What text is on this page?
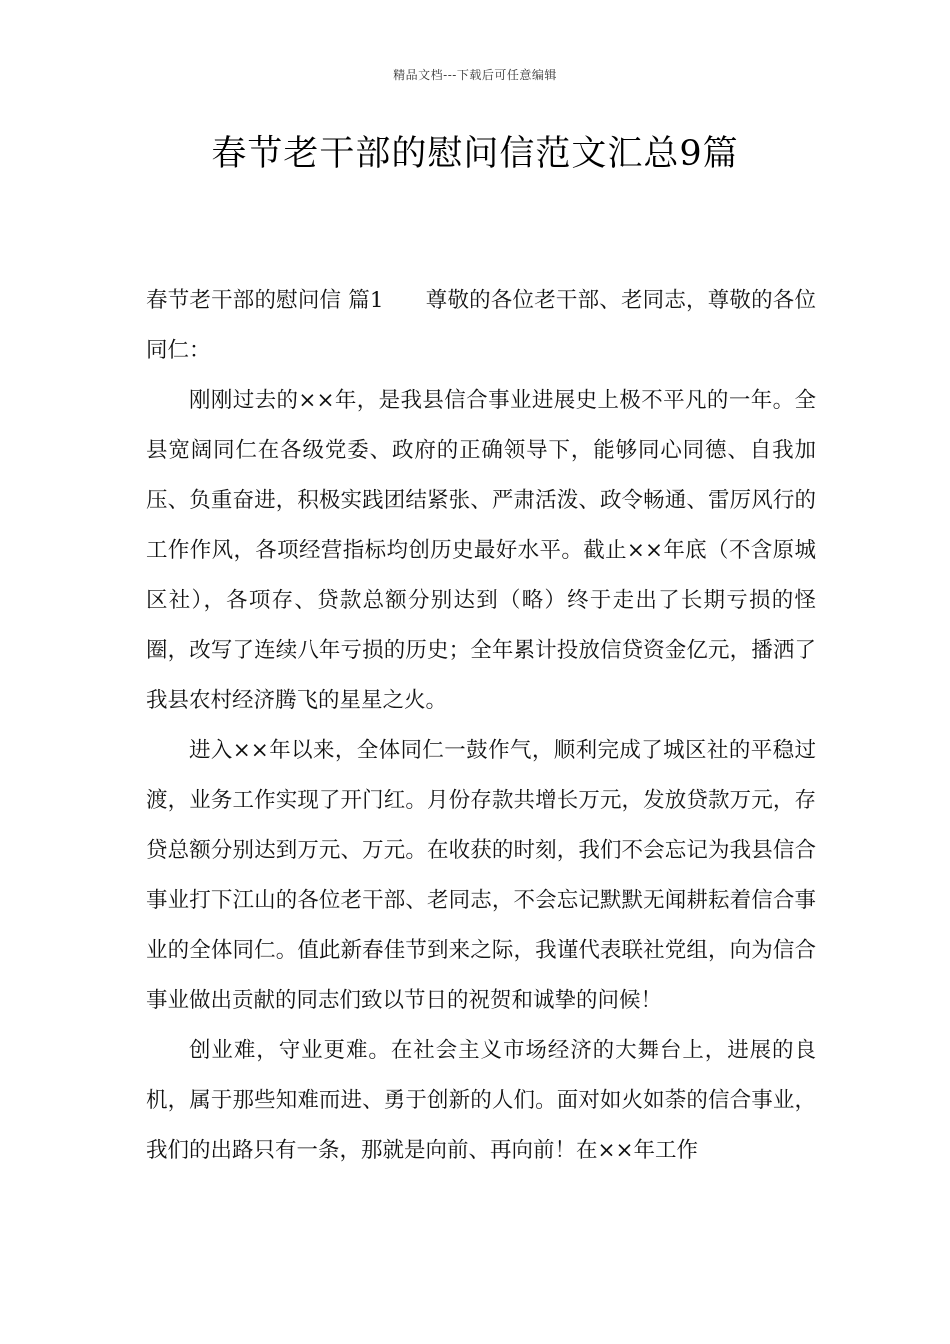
精品文档---下载后可任意编辑
春节老干部的慰问信范文汇总9篇

春节老干部的慰问信 篇1 尊敬的各位老干部、老同志，尊敬的各位同仁：

刚刚过去的××年，是我县信合事业进展史上极不平凡的一年。全县宽阔同仁在各级党委、政府的正确领导下，能够同心同德、自我加压、负重奋进，积极实践团结紧张、严肃活泼、政令畅通、雷厉风行的工作作风，各项经营指标均创历史最好水平。截止××年底（不含原城区社），各项存、贷款总额分别达到（略）终于走出了长期亏损的怪圈，改写了连续八年亏损的历史；全年累计投放信贷资金亿元，播洒了我县农村经济腾飞的星星之火。

进入××年以来，全体同仁一鼓作气，顺利完成了城区社的平稳过渡，业务工作实现了开门红。月份存款共增长万元，发放贷款万元，存贷总额分别达到万元、万元。在收获的时刻，我们不会忘记为我县信合事业打下江山的各位老干部、老同志，不会忘记默默无闻耕耘着信合事业的全体同仁。值此新春佳节到来之际，我谨代表联社党组，向为信合事业做出贡献的同志们致以节日的祝贺和诚挚的问候！

创业难，守业更难。在社会主义市场经济的大舞台上，进展的良机，属于那些知难而进、勇于创新的人们。面对如火如荼的信合事业，我们的出路只有一条，那就是向前、再向前！在××年工作
